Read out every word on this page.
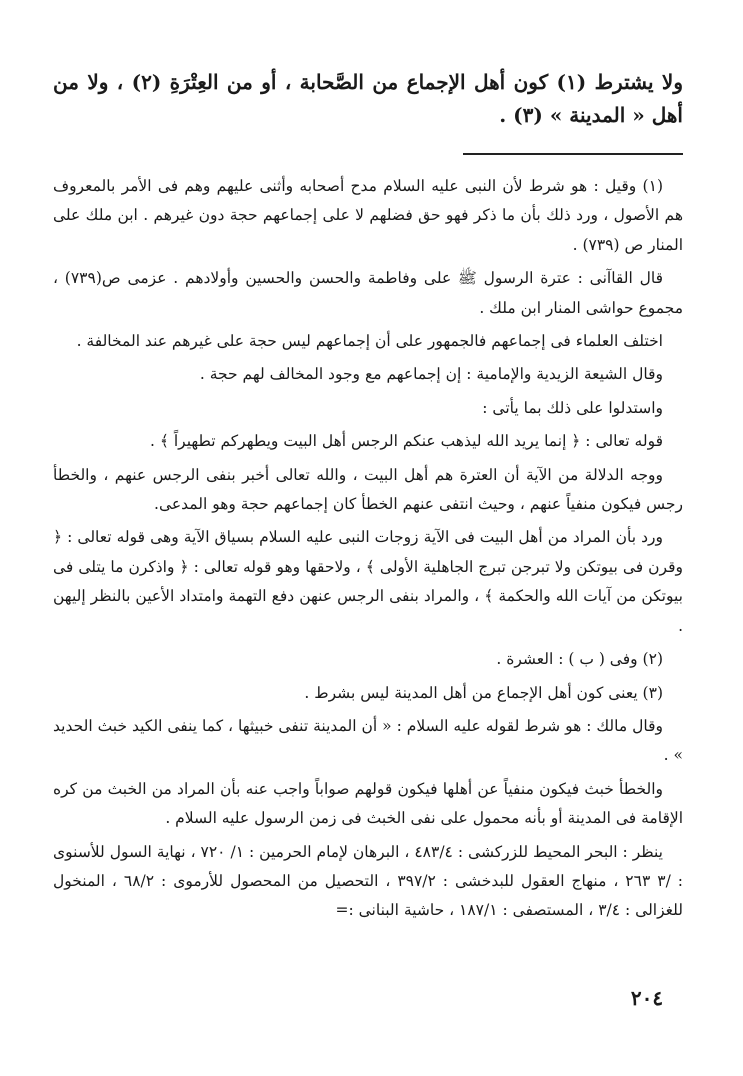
ولا يشترط (١) كون أهل الإجماع من الصَّحابة ، أو من العِتْرَةِ (٢) ، ولا من أهل « المدينة » (٣) .

(١) وقيل : هو شرط لأن النبى عليه السلام مدح أصحابه وأثنى عليهم وهم فى الأمر بالمعروف هم الأصول ، ورد ذلك بأن ما ذكر فهو حق فضلهم لا على إجماعهم حجة دون غيرهم . ابن ملك على المنار ص (٧٣٩) .

قال القاآنى : عترة الرسول ﷺ على وفاطمة والحسن والحسين وأولادهم . عزمى ص(٧٣٩) ، مجموع حواشى المنار ابن ملك .

اختلف العلماء فى إجماعهم فالجمهور على أن إجماعهم ليس حجة على غيرهم عند المخالفة .

وقال الشيعة الزيدية والإمامية : إن إجماعهم مع وجود المخالف لهم حجة .

واستدلوا على ذلك بما يأتى :

قوله تعالى : ﴿ إنما يريد الله ليذهب عنكم الرجس أهل البيت ويطهركم تطهيراً ﴾ .

ووجه الدلالة من الآية أن العترة هم أهل البيت ، والله تعالى أخبر بنفى الرجس عنهم ، والخطأ رجس فيكون منفياً عنهم ، وحيث انتفى عنهم الخطأ كان إجماعهم حجة وهو المدعى.

ورد بأن المراد من أهل البيت فى الآية زوجات النبى عليه السلام بسياق الآية وهى قوله تعالى : ﴿ وقرن فى بيوتكن ولا تبرجن تبرج الجاهلية الأولى ﴾ ، ولاحقها وهو قوله تعالى : ﴿ واذكرن ما يتلى فى بيوتكن من آيات الله والحكمة ﴾ ، والمراد بنفى الرجس عنهن دفع التهمة وامتداد الأعين بالنظر إليهن .

(٢) وفى ( ب ) : العشرة .

(٣) يعنى كون أهل الإجماع من أهل المدينة ليس بشرط .

وقال مالك : هو شرط لقوله عليه السلام : « أن المدينة تنفى خبيثها ، كما ينفى الكيد خبث الحديد » .

والخطأ خبث فيكون منفياً عن أهلها فيكون قولهم صواباً واجب عنه بأن المراد من الخبث من كره الإقامة فى المدينة أو بأنه محمول على نفى الخبث فى زمن الرسول عليه السلام .

ينظر : البحر المحيط للزركشى : ٤٨٣/٤ ، البرهان لإمام الحرمين : ١/ ٧٢٠ ، نهاية السول للأسنوى : /٣ ٢٦٣ ، منهاج العقول للبدخشى : ٣٩٧/٢ ، التحصيل من المحصول للأرموى : ٦٨/٢ ، المنخول للغزالى : ٣/٤ ، المستصفى : ١٨٧/١ ، حاشية البنانى :=

٢٠٤
